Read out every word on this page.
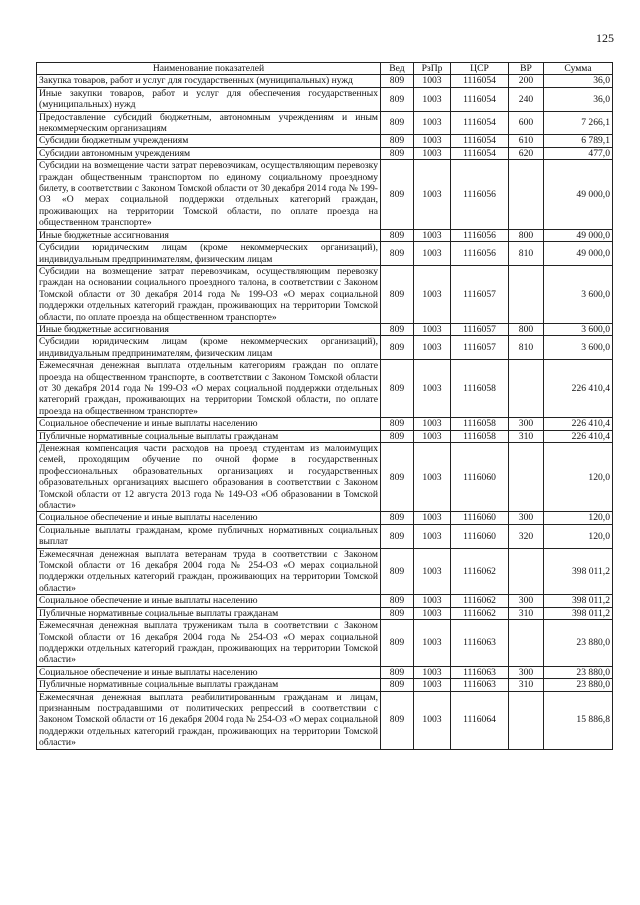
125
Наименование показателей	Вед	РзПр	ЦСР	ВР	Сумма
Закупка товаров, работ и услуг для государственных (муниципальных) нужд	809	1003	1116054	200	36,0
Иные закупки товаров, работ и услуг для обеспечения государственных (муниципальных) нужд	809	1003	1116054	240	36,0
Предоставление субсидий бюджетным, автономным учреждениям и иным некоммерческим организациям	809	1003	1116054	600	7 266,1
Субсидии бюджетным учреждениям	809	1003	1116054	610	6 789,1
Субсидии автономным учреждениям	809	1003	1116054	620	477,0
Субсидии на возмещение части затрат перевозчикам, осуществляющим перевозку граждан общественным транспортом по единому социальному проездному билету, в соответствии с Законом Томской области от 30 декабря 2014 года № 199-ОЗ «О мерах социальной поддержки отдельных категорий граждан, проживающих на территории Томской области, по оплате проезда на общественном транспорте»	809	1003	1116056		49 000,0
Иные бюджетные ассигнования	809	1003	1116056	800	49 000,0
Субсидии юридическим лицам (кроме некоммерческих организаций), индивидуальным предпринимателям, физическим лицам	809	1003	1116056	810	49 000,0
Субсидии на возмещение затрат перевозчикам, осуществляющим перевозку граждан на основании социального проездного талона, в соответствии с Законом Томской области от 30 декабря 2014 года № 199-ОЗ «О мерах социальной поддержки отдельных категорий граждан, проживающих на территории Томской области, по оплате проезда на общественном транспорте»	809	1003	1116057		3 600,0
Иные бюджетные ассигнования	809	1003	1116057	800	3 600,0
Субсидии юридическим лицам (кроме некоммерческих организаций), индивидуальным предпринимателям, физическим лицам	809	1003	1116057	810	3 600,0
Ежемесячная денежная выплата отдельным категориям граждан по оплате проезда на общественном транспорте, в соответствии с Законом Томской области от 30 декабря 2014 года № 199-ОЗ «О мерах социальной поддержки отдельных категорий граждан, проживающих на территории Томской области, по оплате проезда на общественном транспорте»	809	1003	1116058		226 410,4
Социальное обеспечение и иные выплаты населению	809	1003	1116058	300	226 410,4
Публичные нормативные социальные выплаты гражданам	809	1003	1116058	310	226 410,4
Денежная компенсация части расходов на проезд студентам из малоимущих семей, проходящим обучение по очной форме в государственных профессиональных образовательных организациях и государственных образовательных организациях высшего образования в соответствии с Законом Томской области от 12 августа 2013 года № 149-ОЗ «Об образовании в Томской области»	809	1003	1116060		120,0
Социальное обеспечение и иные выплаты населению	809	1003	1116060	300	120,0
Социальные выплаты гражданам, кроме публичных нормативных социальных выплат	809	1003	1116060	320	120,0
Ежемесячная денежная выплата ветеранам труда в соответствии с Законом Томской области от 16 декабря 2004 года № 254-ОЗ «О мерах социальной поддержки отдельных категорий граждан, проживающих на территории Томской области»	809	1003	1116062		398 011,2
Социальное обеспечение и иные выплаты населению	809	1003	1116062	300	398 011,2
Публичные нормативные социальные выплаты гражданам	809	1003	1116062	310	398 011,2
Ежемесячная денежная выплата труженикам тыла в соответствии с Законом Томской области от 16 декабря 2004 года № 254-ОЗ «О мерах социальной поддержки отдельных категорий граждан, проживающих на территории Томской области»	809	1003	1116063		23 880,0
Социальное обеспечение и иные выплаты населению	809	1003	1116063	300	23 880,0
Публичные нормативные социальные выплаты гражданам	809	1003	1116063	310	23 880,0
Ежемесячная денежная выплата реабилитированным гражданам и лицам, признанным пострадавшими от политических репрессий в соответствии с Законом Томской области от 16 декабря 2004 года № 254-ОЗ «О мерах социальной поддержки отдельных категорий граждан, проживающих на территории Томской области»	809	1003	1116064		15 886,8
